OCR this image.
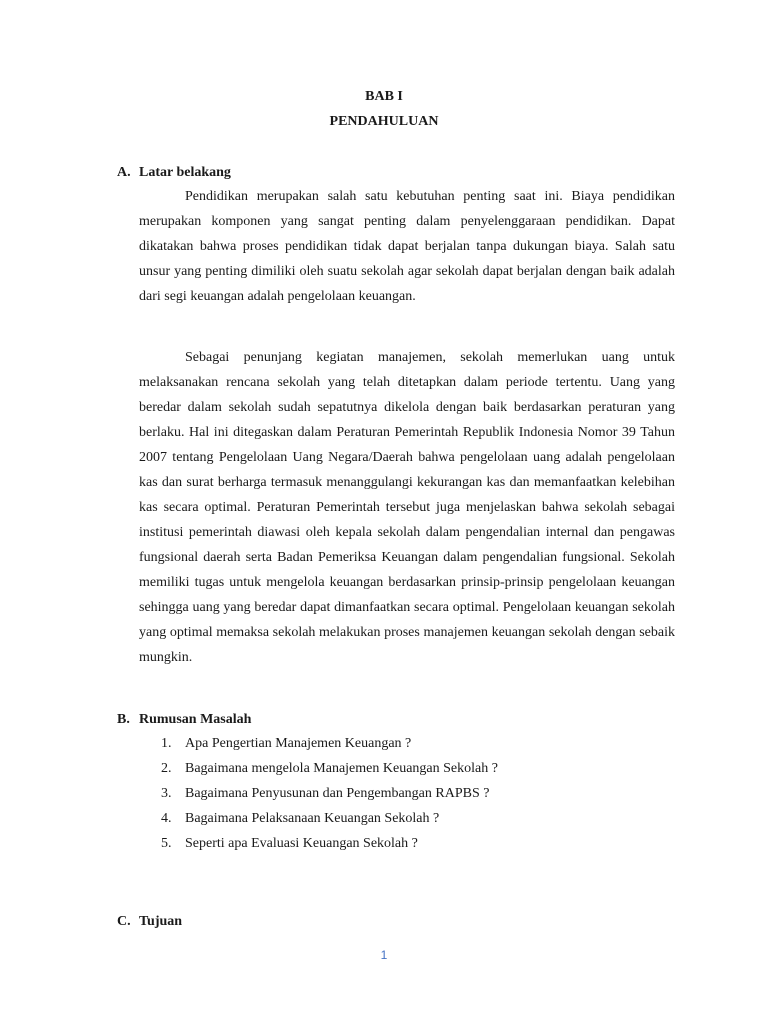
BAB I
PENDAHULUAN
A. Latar belakang

Pendidikan merupakan salah satu kebutuhan penting saat ini. Biaya pendidikan merupakan komponen yang sangat penting dalam penyelenggaraan pendidikan. Dapat dikatakan bahwa proses pendidikan tidak dapat berjalan tanpa dukungan biaya. Salah satu unsur yang penting dimiliki oleh suatu sekolah agar sekolah dapat berjalan dengan baik adalah dari segi keuangan adalah pengelolaan keuangan.

Sebagai penunjang kegiatan manajemen, sekolah memerlukan uang untuk melaksanakan rencana sekolah yang telah ditetapkan dalam periode tertentu. Uang yang beredar dalam sekolah sudah sepatutnya dikelola dengan baik berdasarkan peraturan yang berlaku. Hal ini ditegaskan dalam Peraturan Pemerintah Republik Indonesia Nomor 39 Tahun 2007 tentang Pengelolaan Uang Negara/Daerah bahwa pengelolaan uang adalah pengelolaan kas dan surat berharga termasuk menanggulangi kekurangan kas dan memanfaatkan kelebihan kas secara optimal. Peraturan Pemerintah tersebut juga menjelaskan bahwa sekolah sebagai institusi pemerintah diawasi oleh kepala sekolah dalam pengendalian internal dan pengawas fungsional daerah serta Badan Pemeriksa Keuangan dalam pengendalian fungsional. Sekolah memiliki tugas untuk mengelola keuangan berdasarkan prinsip-prinsip pengelolaan keuangan sehingga uang yang beredar dapat dimanfaatkan secara optimal. Pengelolaan keuangan sekolah yang optimal memaksa sekolah melakukan proses manajemen keuangan sekolah dengan sebaik mungkin.

B. Rumusan Masalah
1. Apa Pengertian Manajemen Keuangan ?
2. Bagaimana mengelola Manajemen Keuangan Sekolah ?
3. Bagaimana Penyusunan dan Pengembangan RAPBS ?
4. Bagaimana Pelaksanaan Keuangan Sekolah ?
5. Seperti apa Evaluasi Keuangan Sekolah ?
C. Tujuan
1
